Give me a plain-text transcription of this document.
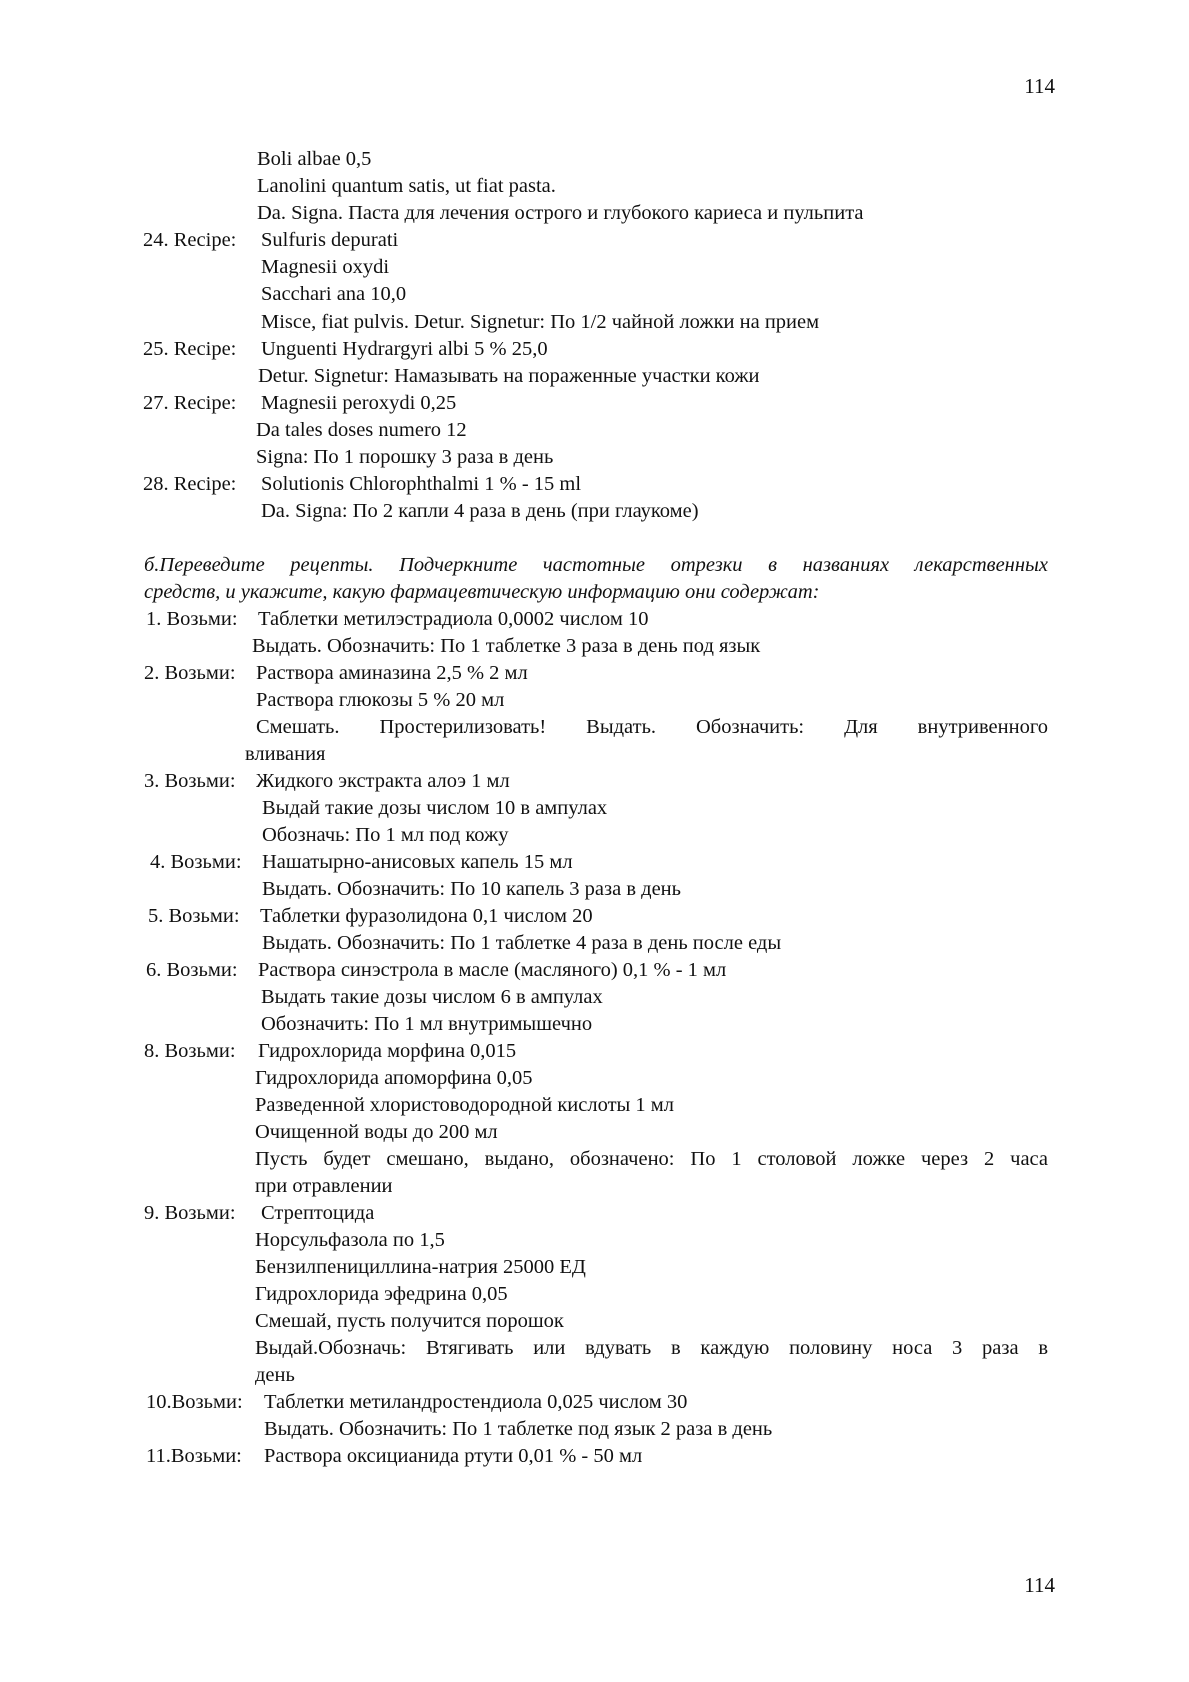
114
Boli albae 0,5
Lanolini quantum satis, ut fiat pasta.
Da. Signa. Паста для лечения острого и глубокого кариеса и пульпита
24. Recipe: Sulfuris depurati
Magnesii oxydi
Sacchari ana 10,0
Misce, fiat pulvis. Detur. Signetur: По 1/2 чайной ложки на прием
25. Recipe: Unguenti Hydrargyri albi 5 % 25,0
Detur. Signetur: Намазывать на пораженные участки кожи
27. Recipe: Magnesii peroxydi 0,25
Da tales doses numero 12
Signa: По 1 порошку 3 раза в день
28. Recipe: Solutionis Chlorophthalmi 1 % - 15 ml
Da. Signa: По 2 капли 4 раза в день (при глаукоме)
б.Переведите рецепты. Подчеркните частотные отрезки в названиях лекарственных
средств, и укажите, какую фармацевтическую информацию они содержат:
1. Возьми: Таблетки метилэстрадиола 0,0002 числом 10
Выдать. Обозначить: По 1 таблетке 3 раза в день под язык
2. Возьми: Раствора аминазина 2,5 % 2 мл
Раствора глюкозы 5 % 20 мл
Смешать. Простерилизовать! Выдать. Обозначить: Для внутривенного
вливания
3. Возьми: Жидкого экстракта алоэ 1 мл
Выдай такие дозы числом 10 в ампулах
Обозначь: По 1 мл под кожу
4. Возьми: Нашатырно-анисовых капель 15 мл
Выдать. Обозначить: По 10 капель 3 раза в день
5. Возьми: Таблетки фуразолидона 0,1 числом 20
Выдать. Обозначить: По 1 таблетке 4 раза в день после еды
6. Возьми: Раствора синэстрола в масле (масляного) 0,1 % - 1 мл
Выдать такие дозы числом 6 в ампулах
Обозначить: По 1 мл внутримышечно
8. Возьми: Гидрохлорида морфина 0,015
Гидрохлорида апоморфина 0,05
Разведенной хлористоводородной кислоты 1 мл
Очищенной воды до 200 мл
Пусть будет смешано, выдано, обозначено: По 1 столовой ложке через 2 часа
при отравлении
9. Возьми: Стрептоцида
Норсульфазола по 1,5
Бензилпенициллина-натрия 25000 ЕД
Гидрохлорида эфедрина 0,05
Смешай, пусть получится порошок
Выдай.Обозначь: Втягивать или вдувать в каждую половину носа 3 раза в
день
10.Возьми: Таблетки метиландростендиола 0,025 числом 30
Выдать. Обозначить: По 1 таблетке под язык 2 раза в день
11.Возьми: Раствора оксицианида ртути 0,01 % - 50 мл
114
